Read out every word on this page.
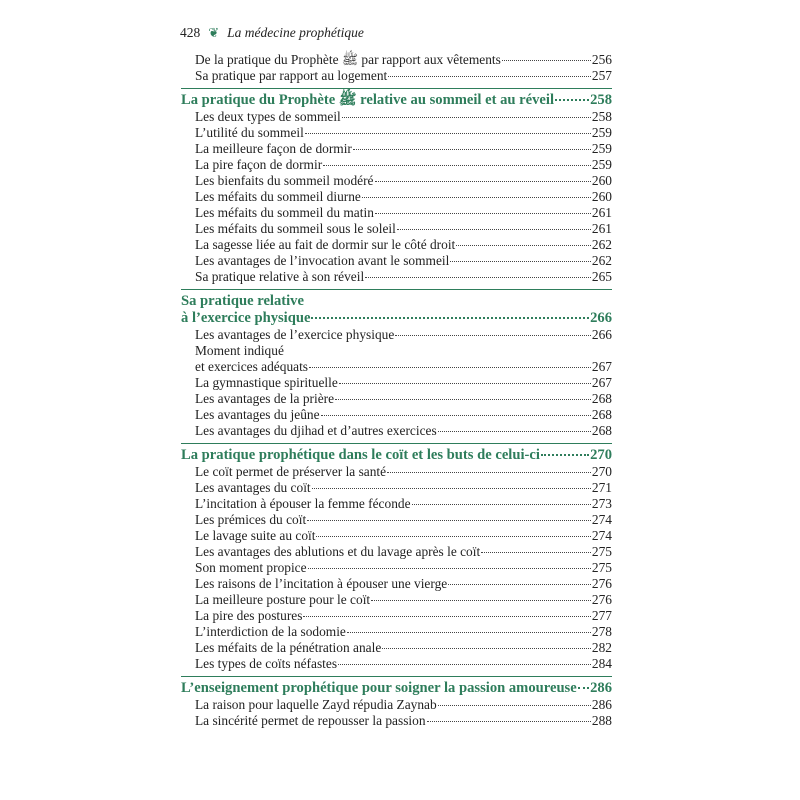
428 ❦ La médecine prophétique
De la pratique du Prophète ﷺ par rapport aux vêtements	256
Sa pratique par rapport au logement	257
La pratique du Prophète ﷺ relative au sommeil et au réveil 258
Les deux types de sommeil	258
L’utilité du sommeil	259
La meilleure façon de dormir	259
La pire façon de dormir	259
Les bienfaits du sommeil modéré	260
Les méfaits du sommeil diurne	260
Les méfaits du sommeil du matin	261
Les méfaits du sommeil sous le soleil	261
La sagesse liée au fait de dormir sur le côté droit	262
Les avantages de l’invocation avant le sommeil	262
Sa pratique relative à son réveil	265
Sa pratique relative
à l’exercice physique	266
Les avantages de l’exercice physique	266
Moment indiqué
et exercices adéquats	267
La gymnastique spirituelle	267
Les avantages de la prière	268
Les avantages du jeûne	268
Les avantages du djihad et d’autres exercices	268
La pratique prophétique dans le coït et les buts de celui-ci	270
Le coït permet de préserver la santé	270
Les avantages du coït	271
L’incitation à épouser la femme féconde	273
Les prémices du coït	274
Le lavage suite au coït	274
Les avantages des ablutions et du lavage après le coït	275
Son moment propice	275
Les raisons de l’incitation à épouser une vierge	276
La meilleure posture pour le coït	276
La pire des postures	277
L’interdiction de la sodomie	278
Les méfaits de la pénétration anale	282
Les types de coïts néfastes	284
L’enseignement prophétique pour soigner la passion amoureuse 286
La raison pour laquelle Zayd répudia Zaynab	286
La sincérité permet de repousser la passion	288
